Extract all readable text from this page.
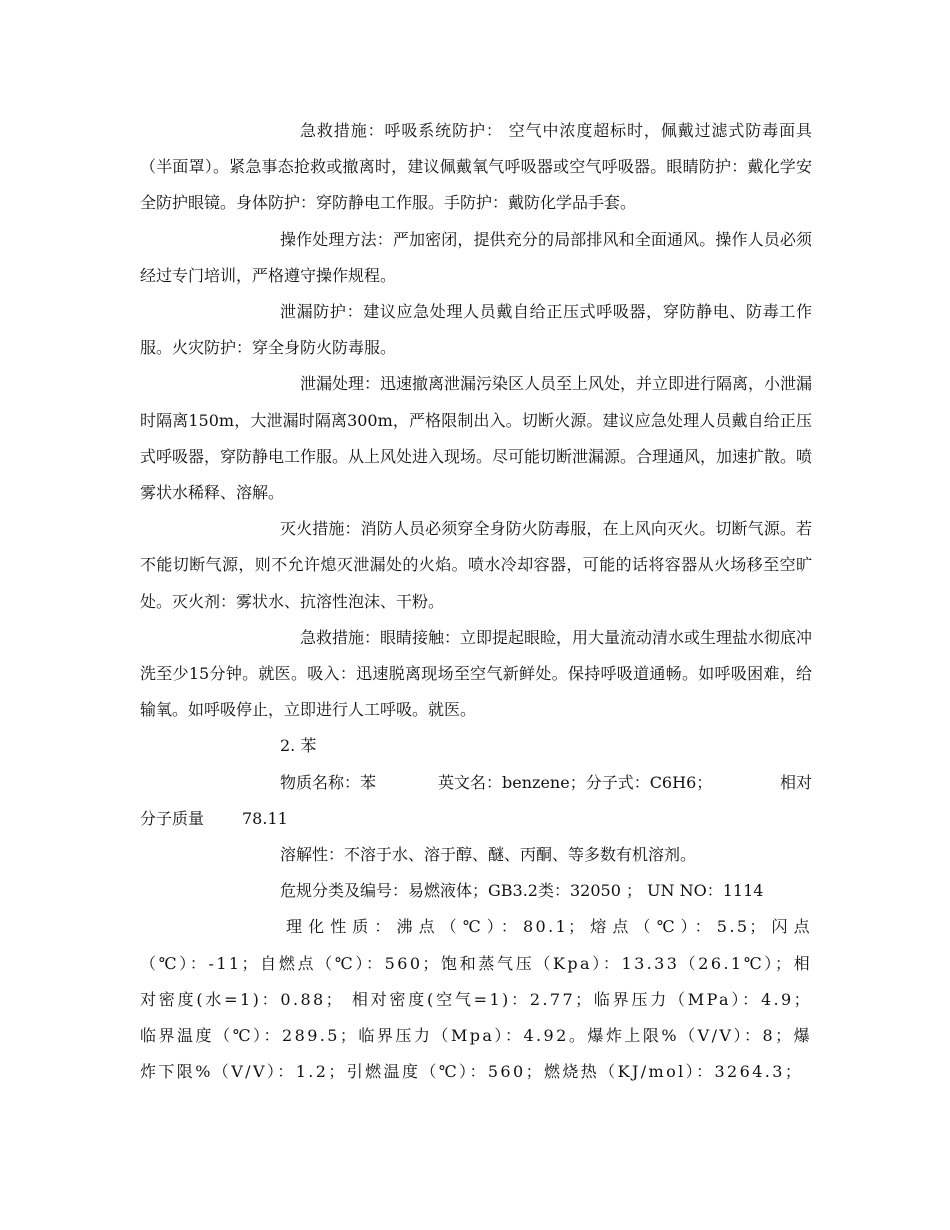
急救措施：呼吸系统防护： 空气中浓度超标时，佩戴过滤式防毒面具（半面罩）。紧急事态抢救或撤离时，建议佩戴氧气呼吸器或空气呼吸器。眼睛防护：戴化学安全防护眼镜。身体防护：穿防静电工作服。手防护：戴防化学品手套。

操作处理方法：严加密闭，提供充分的局部排风和全面通风。操作人员必须经过专门培训，严格遵守操作规程。

泄漏防护：建议应急处理人员戴自给正压式呼吸器，穿防静电、防毒工作服。火灾防护：穿全身防火防毒服。

泄漏处理：迅速撤离泄漏污染区人员至上风处，并立即进行隔离，小泄漏时隔离150m，大泄漏时隔离300m，严格限制出入。切断火源。建议应急处理人员戴自给正压式呼吸器，穿防静电工作服。从上风处进入现场。尽可能切断泄漏源。合理通风，加速扩散。喷雾状水稀释、溶解。

灭火措施：消防人员必须穿全身防火防毒服，在上风向灭火。切断气源。若不能切断气源，则不允许熄灭泄漏处的火焰。喷水冷却容器，可能的话将容器从火场移至空旷处。灭火剂：雾状水、抗溶性泡沫、干粉。

急救措施：眼睛接触：立即提起眼睑，用大量流动清水或生理盐水彻底冲洗至少15分钟。就医。吸入：迅速脱离现场至空气新鲜处。保持呼吸道通畅。如呼吸困难，给输氧。如呼吸停止，立即进行人工呼吸。就医。

2. 苯

物质名称：苯

	英文名：benzene；分子式：C6H6；

	相对

分子质量

78.11

溶解性：不溶于水、溶于醇、醚、丙酮、等多数有机溶剂。

危规分类及编号：易燃液体；GB3.2类：32050 ； UN NO：1114

理化性质：沸点（℃）：80.1；熔点（℃）：5.5；闪点（℃）：-11；自燃点（℃）：560；饱和蒸气压（Kpa）：13.33（26.1℃）；相对密度(水=1)：0.88； 相对密度(空气=1)：2.77；临界压力（MPa）：4.9； 临界温度（℃）：289.5；临界压力（Mpa）：4.92。爆炸上限%（V/V）：8；爆炸下限%（V/V）：1.2；引燃温度（℃）：560；燃烧热（KJ/mol）：3264.3；
